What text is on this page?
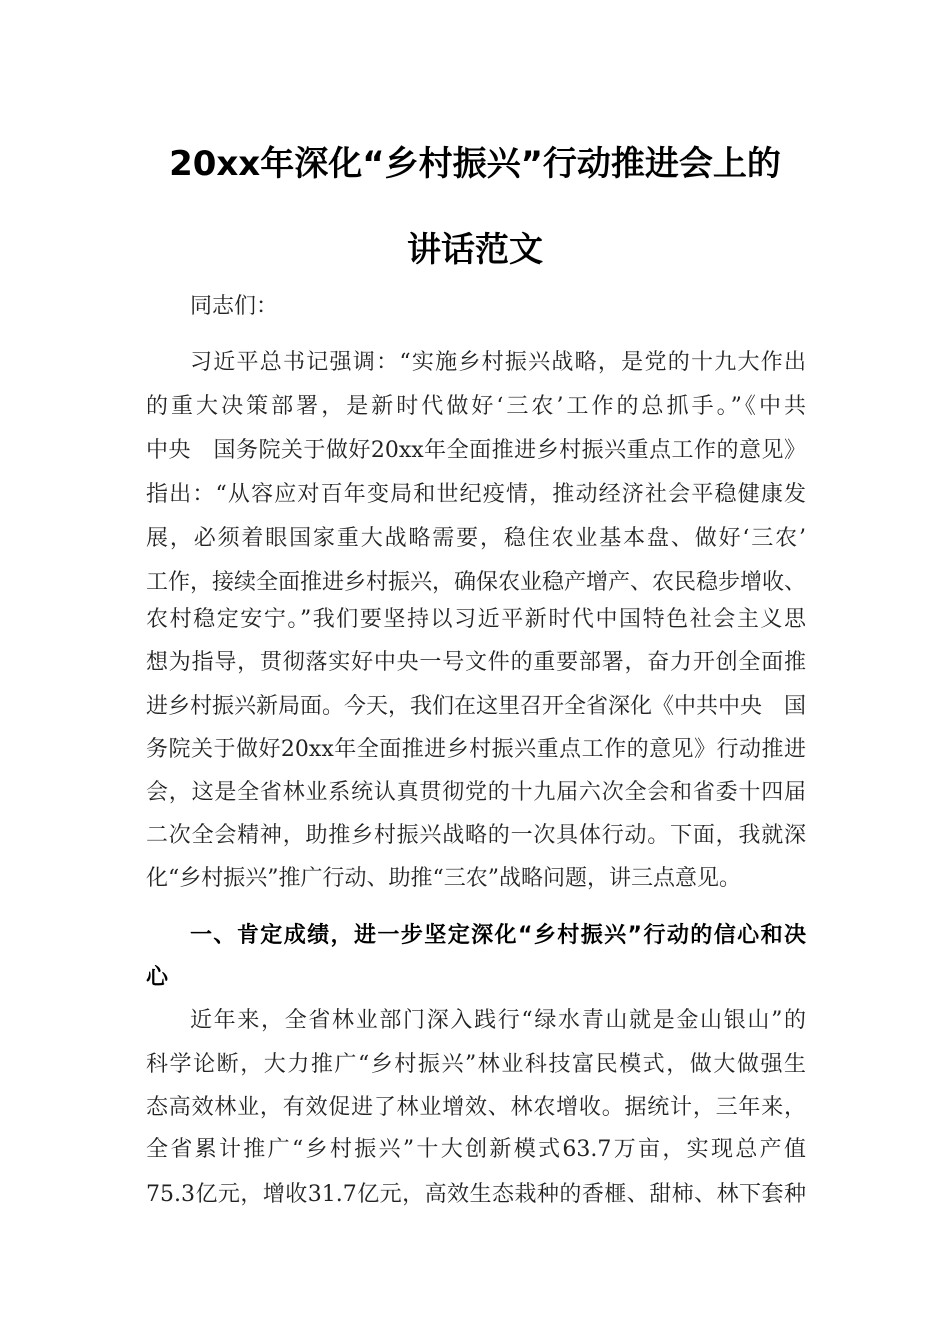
20xx年深化“乡村振兴”行动推进会上的
讲话范文

同志们：

习近平总书记强调：“实施乡村振兴战略，是党的十九大作出

的重大决策部署，是新时代做好‘三农’工作的总抓手。”《中共

中央　国务院关于做好20xx年全面推进乡村振兴重点工作的意见》

指出：“从容应对百年变局和世纪疫情，推动经济社会平稳健康发

展，必须着眼国家重大战略需要，稳住农业基本盘、做好‘三农’

工作，接续全面推进乡村振兴，确保农业稳产增产、农民稳步增收、

农村稳定安宁。”我们要坚持以习近平新时代中国特色社会主义思

想为指导，贯彻落实好中央一号文件的重要部署，奋力开创全面推

进乡村振兴新局面。今天，我们在这里召开全省深化《中共中央　国

务院关于做好20xx年全面推进乡村振兴重点工作的意见》行动推进

会，这是全省林业系统认真贯彻党的十九届六次全会和省委十四届

二次全会精神，助推乡村振兴战略的一次具体行动。下面，我就深

化“乡村振兴”推广行动、助推“三农”战略问题，讲三点意见。

一、肯定成绩，进一步坚定深化“乡村振兴”行动的信心和决

心

近年来，全省林业部门深入践行“绿水青山就是金山银山”的

科学论断，大力推广“乡村振兴”林业科技富民模式，做大做强生

态高效林业，有效促进了林业增效、林农增收。据统计，三年来，

全省累计推广“乡村振兴”十大创新模式63.7万亩，实现总产值

75.3亿元，增收31.7亿元，高效生态栽种的香榧、甜柿、林下套种
